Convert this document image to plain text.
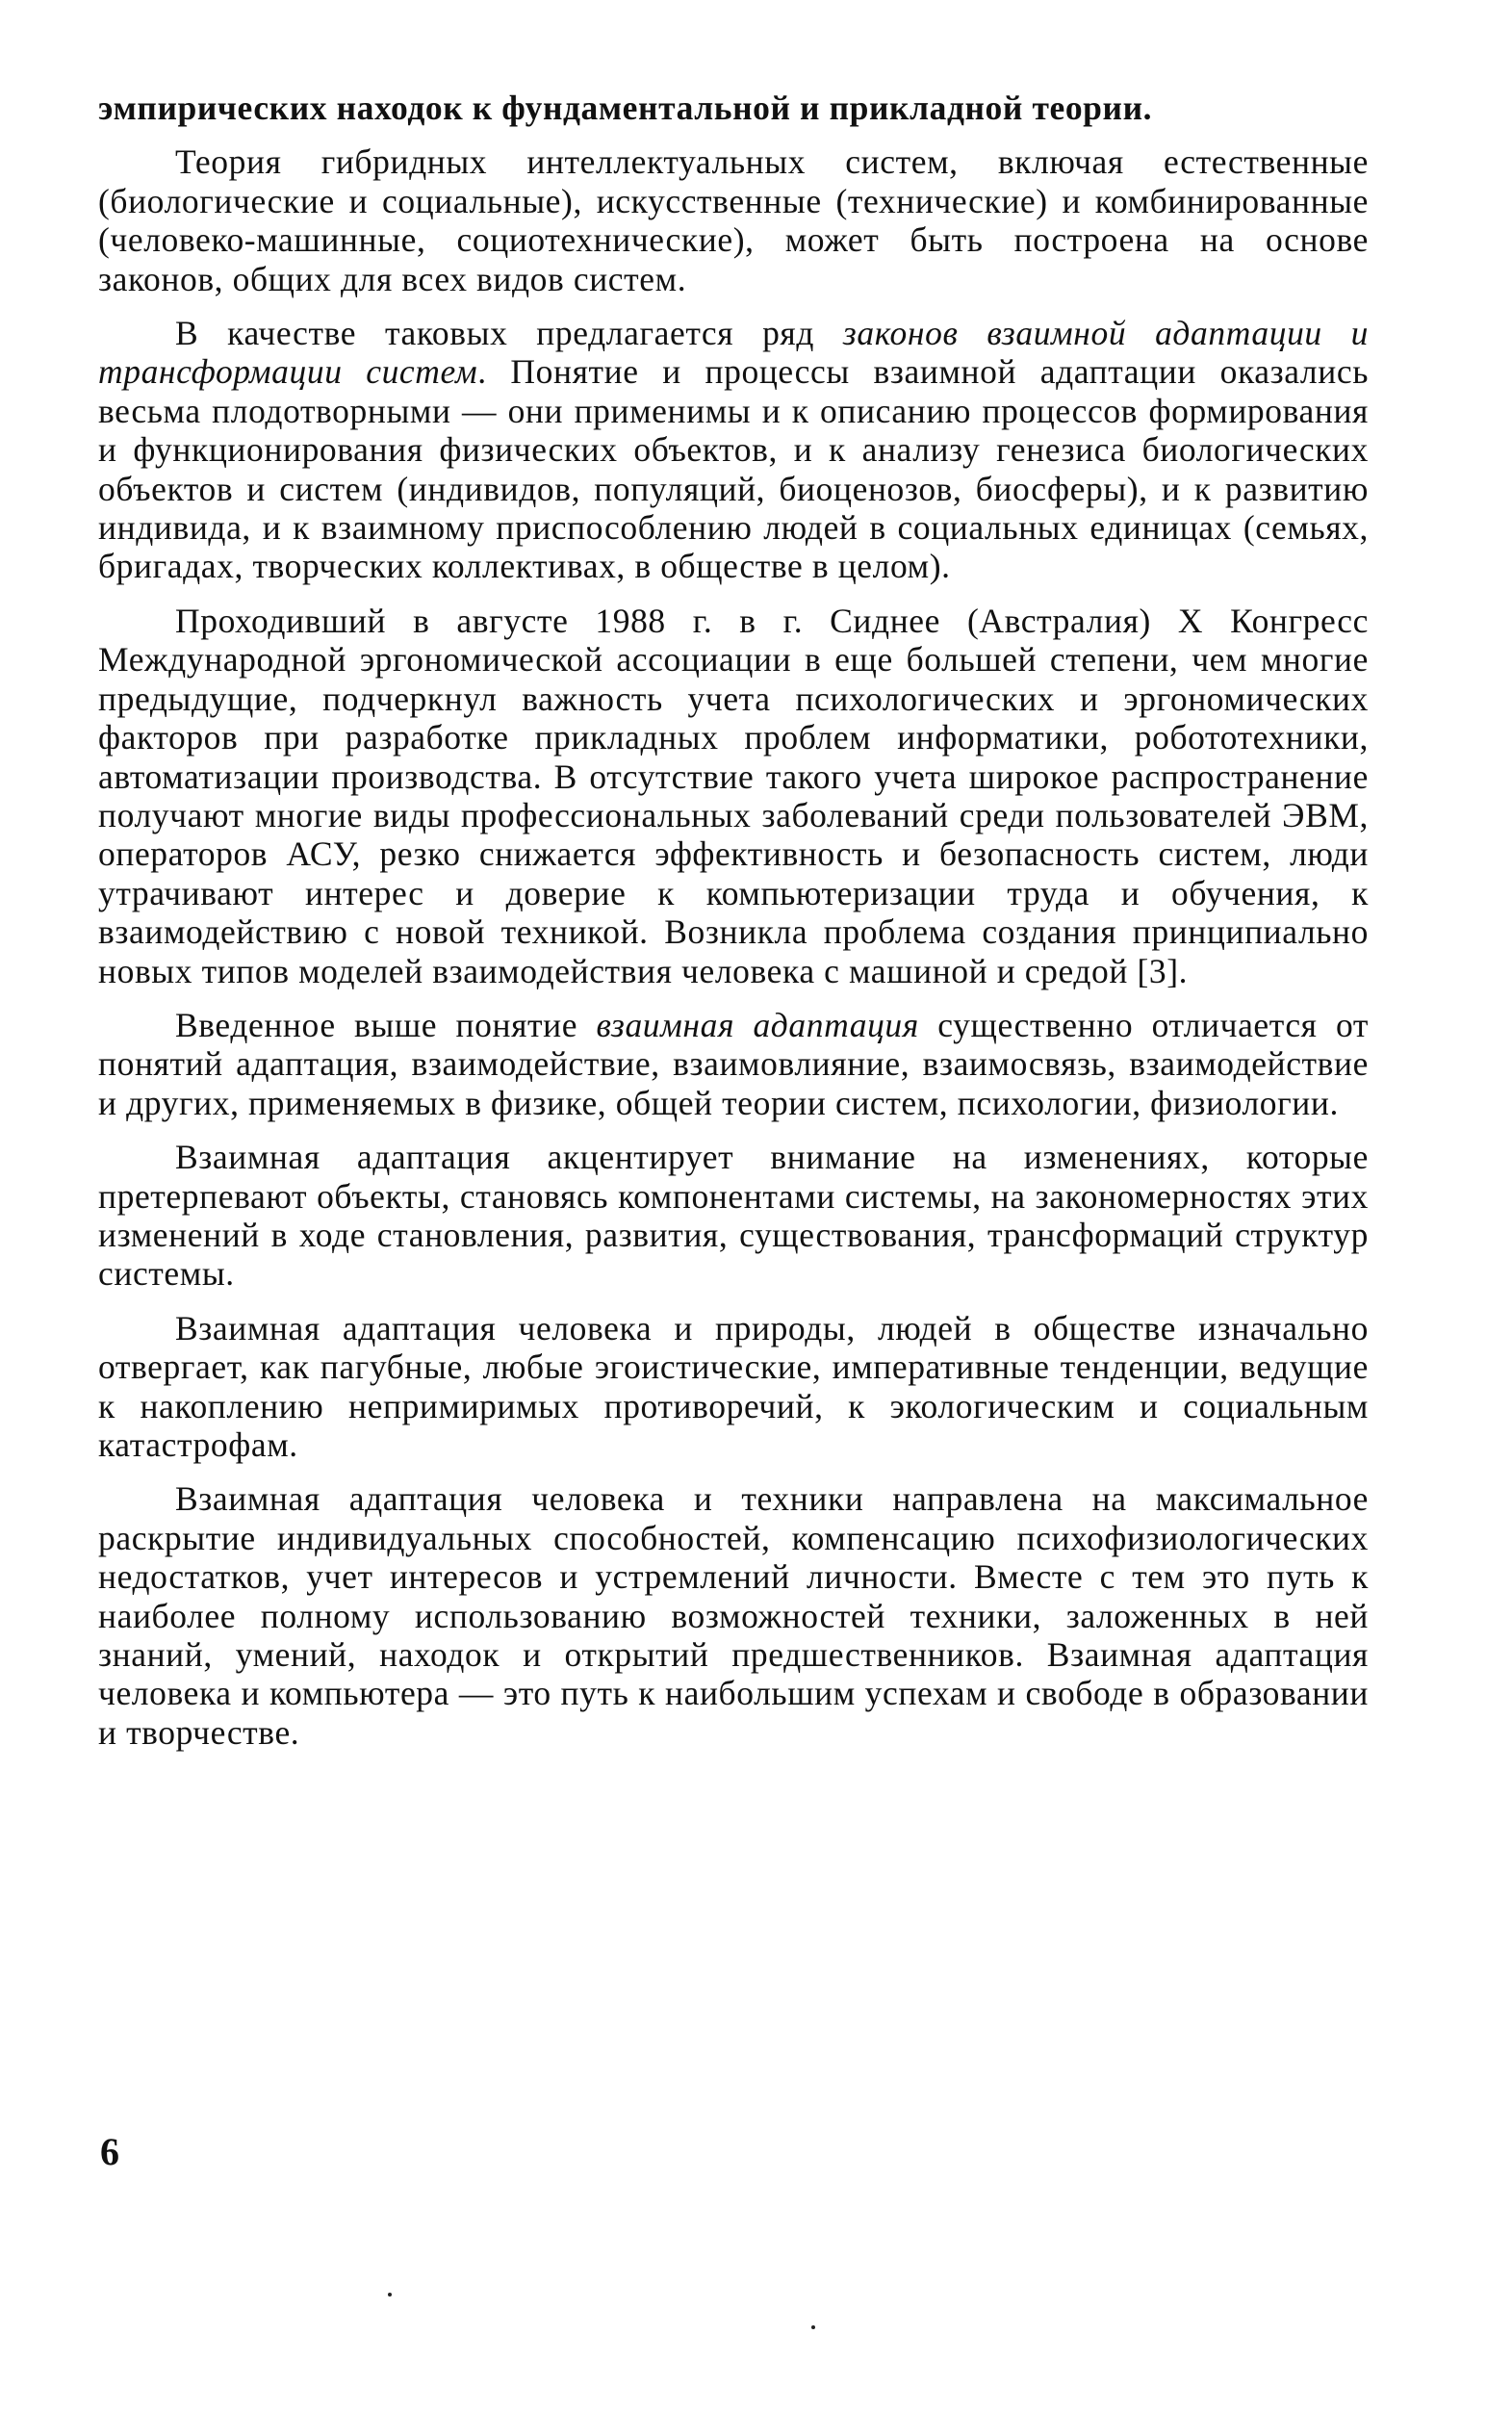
эмпирических находок к фундаментальной и прикладной теории.

Теория гибридных интеллектуальных систем, включая естественные (биологические и социальные), искусственные (технические) и комбинированные (человеко-машинные, социотехнические), может быть построена на основе законов, общих для всех видов систем.

В качестве таковых предлагается ряд законов взаимной адаптации и трансформации систем. Понятие и процессы взаимной адаптации оказались весьма плодотворными — они применимы и к описанию процессов формирования и функционирования физических объектов, и к анализу генезиса биологических объектов и систем (индивидов, популяций, биоценозов, биосферы), и к развитию индивида, и к взаимному приспособлению людей в социальных единицах (семьях, бригадах, творческих коллективах, в обществе в целом).

Проходивший в августе 1988 г. в г. Сиднее (Австралия) X Конгресс Международной эргономической ассоциации в еще большей степени, чем многие предыдущие, подчеркнул важность учета психологических и эргономических факторов при разработке прикладных проблем информатики, робототехники, автоматизации производства. В отсутствие такого учета широкое распространение получают многие виды профессиональных заболеваний среди пользователей ЭВМ, операторов АСУ, резко снижается эффективность и безопасность систем, люди утрачивают интерес и доверие к компьютеризации труда и обучения, к взаимодействию с новой техникой. Возникла проблема создания принципиально новых типов моделей взаимодействия человека с машиной и средой [3].

Введенное выше понятие взаимная адаптация существенно отличается от понятий адаптация, взаимодействие, взаимовлияние, взаимосвязь, взаимодействие и других, применяемых в физике, общей теории систем, психологии, физиологии.

Взаимная адаптация акцентирует внимание на изменениях, которые претерпевают объекты, становясь компонентами системы, на закономерностях этих изменений в ходе становления, развития, существования, трансформаций структур системы.

Взаимная адаптация человека и природы, людей в обществе изначально отвергает, как пагубные, любые эгоистические, императивные тенденции, ведущие к накоплению непримиримых противоречий, к экологическим и социальным катастрофам.

Взаимная адаптация человека и техники направлена на максимальное раскрытие индивидуальных способностей, компенсацию психофизиологических недостатков, учет интересов и устремлений личности. Вместе с тем это путь к наиболее полному использованию возможностей техники, заложенных в ней знаний, умений, находок и открытий предшественников. Взаимная адаптация человека и компьютера — это путь к наибольшим успехам и свободе в образовании и творчестве.

6
